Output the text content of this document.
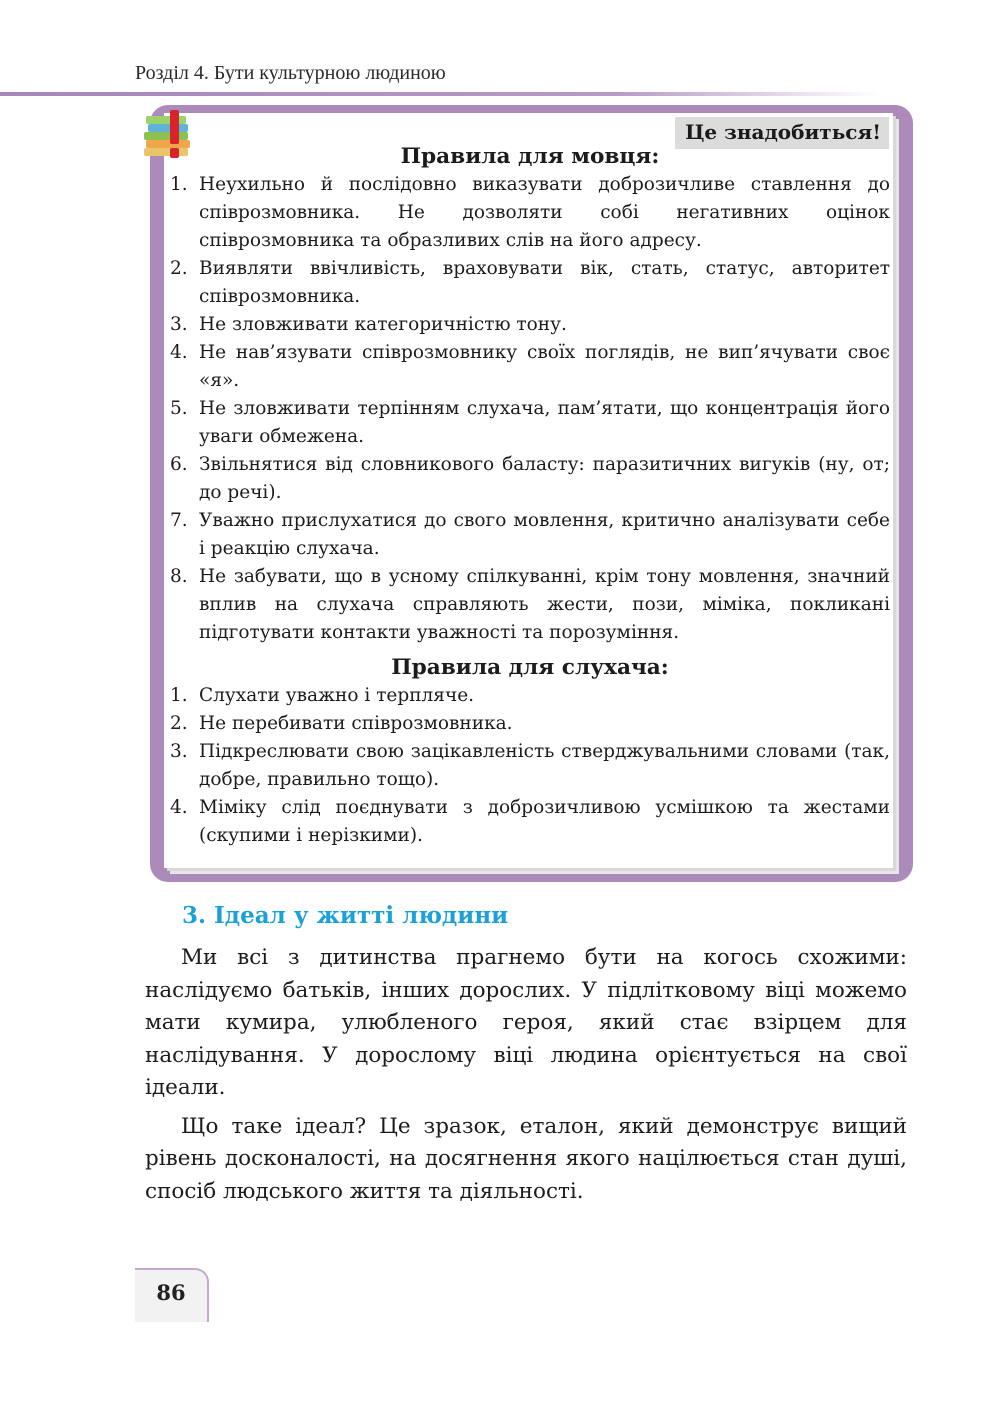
Розділ 4. Бути культурною людиною
Це знадобиться!
Правила для мовця:
1. Неухильно й послідовно виказувати доброзичливе ставлення до співрозмовника. Не дозволяти собі негативних оцінок співрозмовника та образливих слів на його адресу.
2. Виявляти ввічливість, враховувати вік, стать, статус, авторитет співрозмовника.
3. Не зловживати категоричністю тону.
4. Не нав’язувати співрозмовнику своїх поглядів, не вип’ячувати своє «я».
5. Не зловживати терпінням слухача, пам’ятати, що концентрація його уваги обмежена.
6. Звільнятися від словникового баласту: паразитичних вигуків (ну, от; до речі).
7. Уважно прислухатися до свого мовлення, критично аналізувати себе і реакцію слухача.
8. Не забувати, що в усному спілкуванні, крім тону мовлення, значний вплив на слухача справляють жести, пози, міміка, покликані підготувати контакти уважності та порозуміння.
Правила для слухача:
1. Слухати уважно і терпляче.
2. Не перебивати співрозмовника.
3. Підкреслювати свою зацікавленість стверджувальними словами (так, добре, правильно тощо).
4. Міміку слід поєднувати з доброзичливою усмішкою та жестами (скупими і нерізкими).
3. Ідеал у житті людини

Ми всі з дитинства прагнемо бути на когось схожими: наслідуємо батьків, інших дорослих. У підлітковому віці можемо мати кумира, улюбленого героя, який стає взірцем для наслідування. У дорослому віці людина орієнтується на свої ідеали.

Що таке ідеал? Це зразок, еталон, який демонструє вищий рівень досконалості, на досягнення якого націлюється стан душі, спосіб людського життя та діяльності.

86
